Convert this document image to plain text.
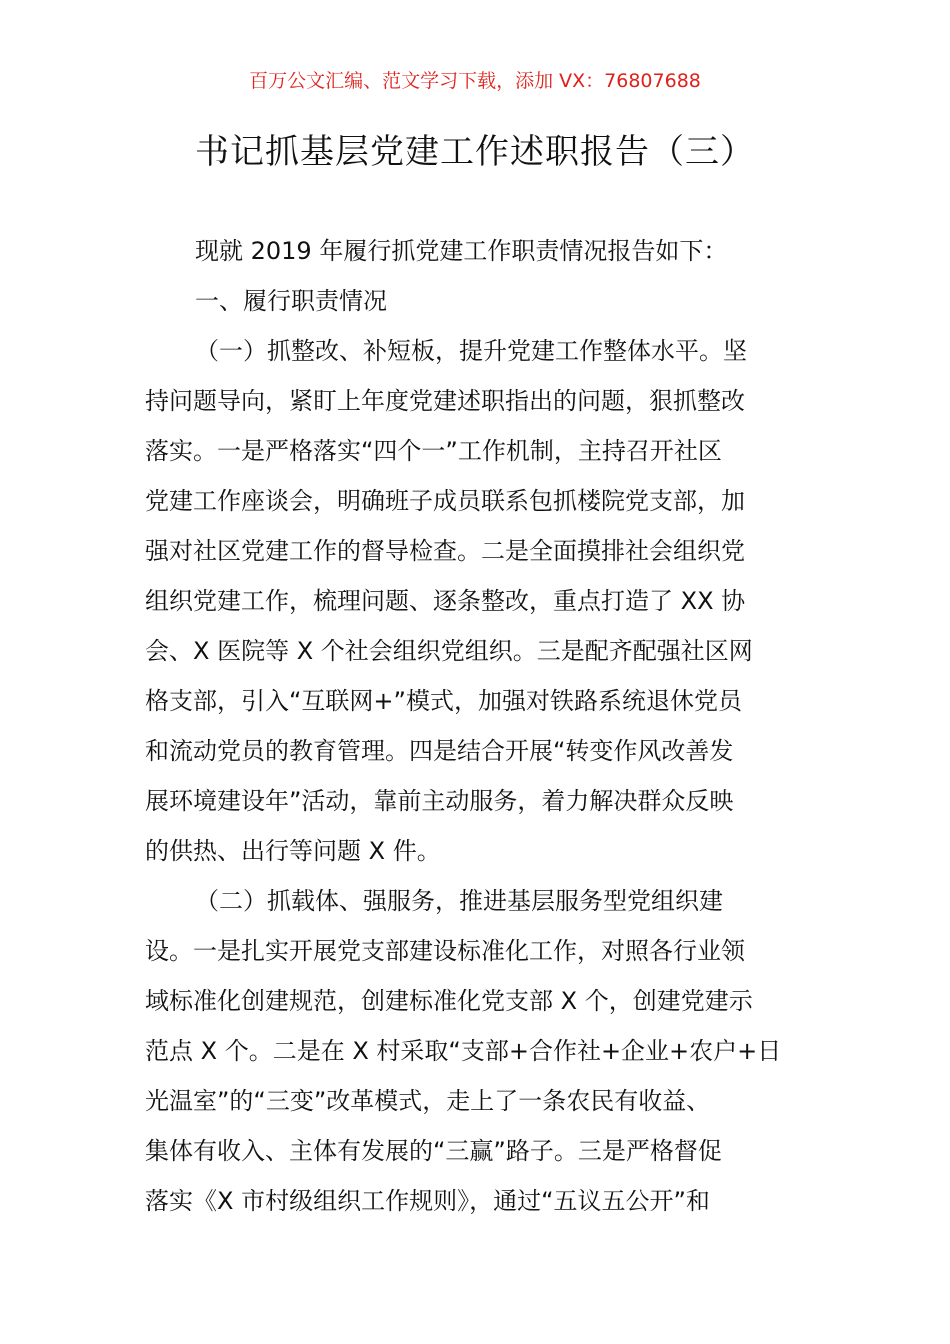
百万公文汇编、范文学习下载，添加 VX：76807688
书记抓基层党建工作述职报告（三）
现就 2019 年履行抓党建工作职责情况报告如下：
一、履行职责情况
（一）抓整改、补短板，提升党建工作整体水平。坚
持问题导向，紧盯上年度党建述职指出的问题，狠抓整改
落实。一是严格落实“四个一”工作机制，主持召开社区
党建工作座谈会，明确班子成员联系包抓楼院党支部，加
强对社区党建工作的督导检查。二是全面摸排社会组织党
组织党建工作，梳理问题、逐条整改，重点打造了 XX 协
会、X 医院等 X 个社会组织党组织。三是配齐配强社区网
格支部，引入“互联网+”模式，加强对铁路系统退休党员
和流动党员的教育管理。四是结合开展“转变作风改善发
展环境建设年”活动，靠前主动服务，着力解决群众反映
的供热、出行等问题 X 件。
（二）抓载体、强服务，推进基层服务型党组织建
设。一是扎实开展党支部建设标准化工作，对照各行业领
域标准化创建规范，创建标准化党支部 X 个，创建党建示
范点 X 个。二是在 X 村采取“支部+合作社+企业+农户+日
光温室”的“三变”改革模式，走上了一条农民有收益、
集体有收入、主体有发展的“三赢”路子。三是严格督促
落实《X 市村级组织工作规则》，通过“五议五公开”和
